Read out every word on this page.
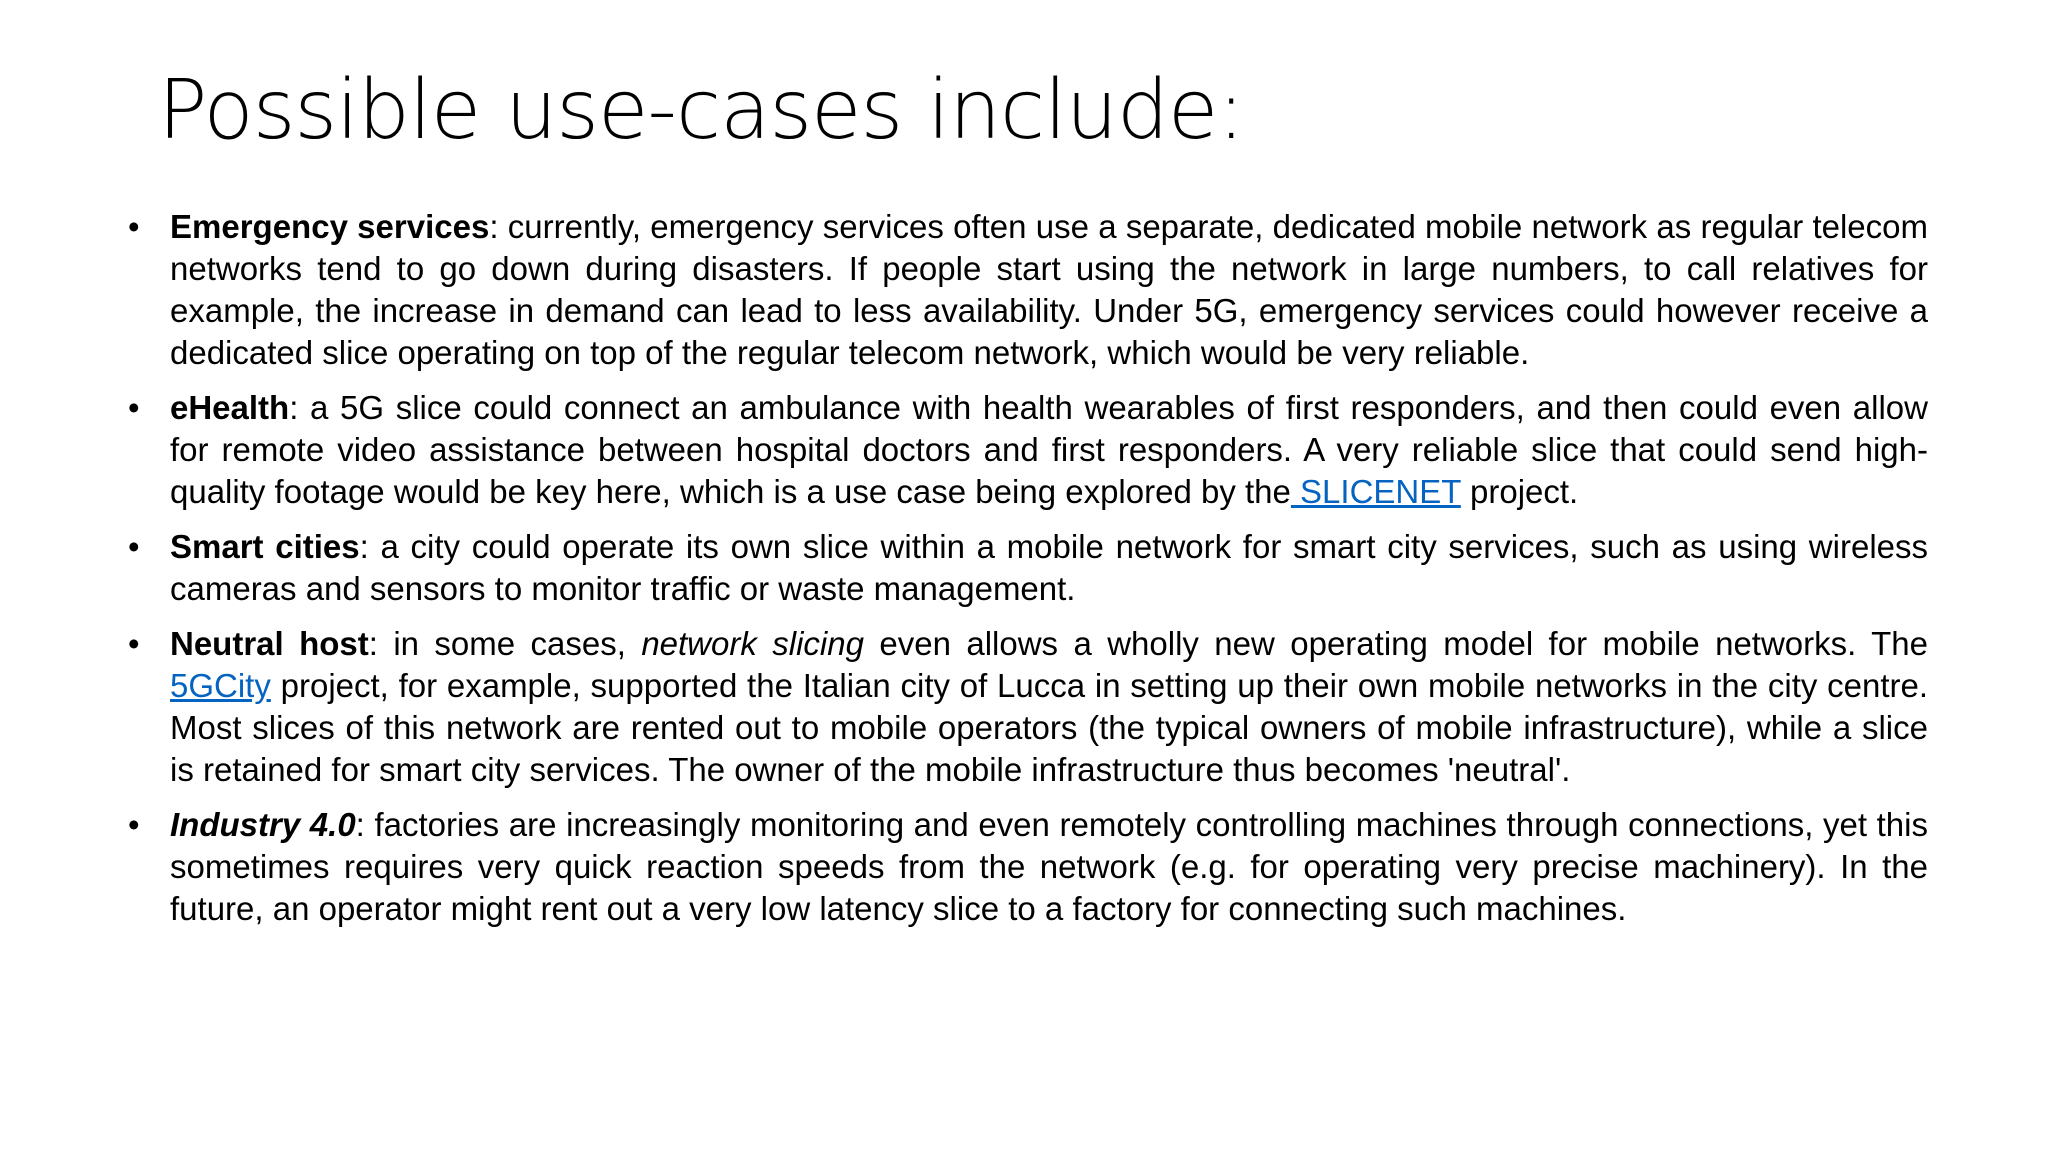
Possible use-cases include:
• Emergency services: currently, emergency services often use a separate, dedicated mobile network as regular telecom networks tend to go down during disasters. If people start using the network in large numbers, to call relatives for example, the increase in demand can lead to less availability. Under 5G, emergency services could however receive a dedicated slice operating on top of the regular telecom network, which would be very reliable.
• eHealth: a 5G slice could connect an ambulance with health wearables of first responders, and then could even allow for remote video assistance between hospital doctors and first responders. A very reliable slice that could send high-quality footage would be key here, which is a use case being explored by the SLICENET project.
• Smart cities: a city could operate its own slice within a mobile network for smart city services, such as using wireless cameras and sensors to monitor traffic or waste management.
• Neutral host: in some cases, network slicing even allows a wholly new operating model for mobile networks. The 5GCity project, for example, supported the Italian city of Lucca in setting up their own mobile networks in the city centre. Most slices of this network are rented out to mobile operators (the typical owners of mobile infrastructure), while a slice is retained for smart city services. The owner of the mobile infrastructure thus becomes 'neutral'.
• Industry 4.0: factories are increasingly monitoring and even remotely controlling machines through connections, yet this sometimes requires very quick reaction speeds from the network (e.g. for operating very precise machinery). In the future, an operator might rent out a very low latency slice to a factory for connecting such machines.
